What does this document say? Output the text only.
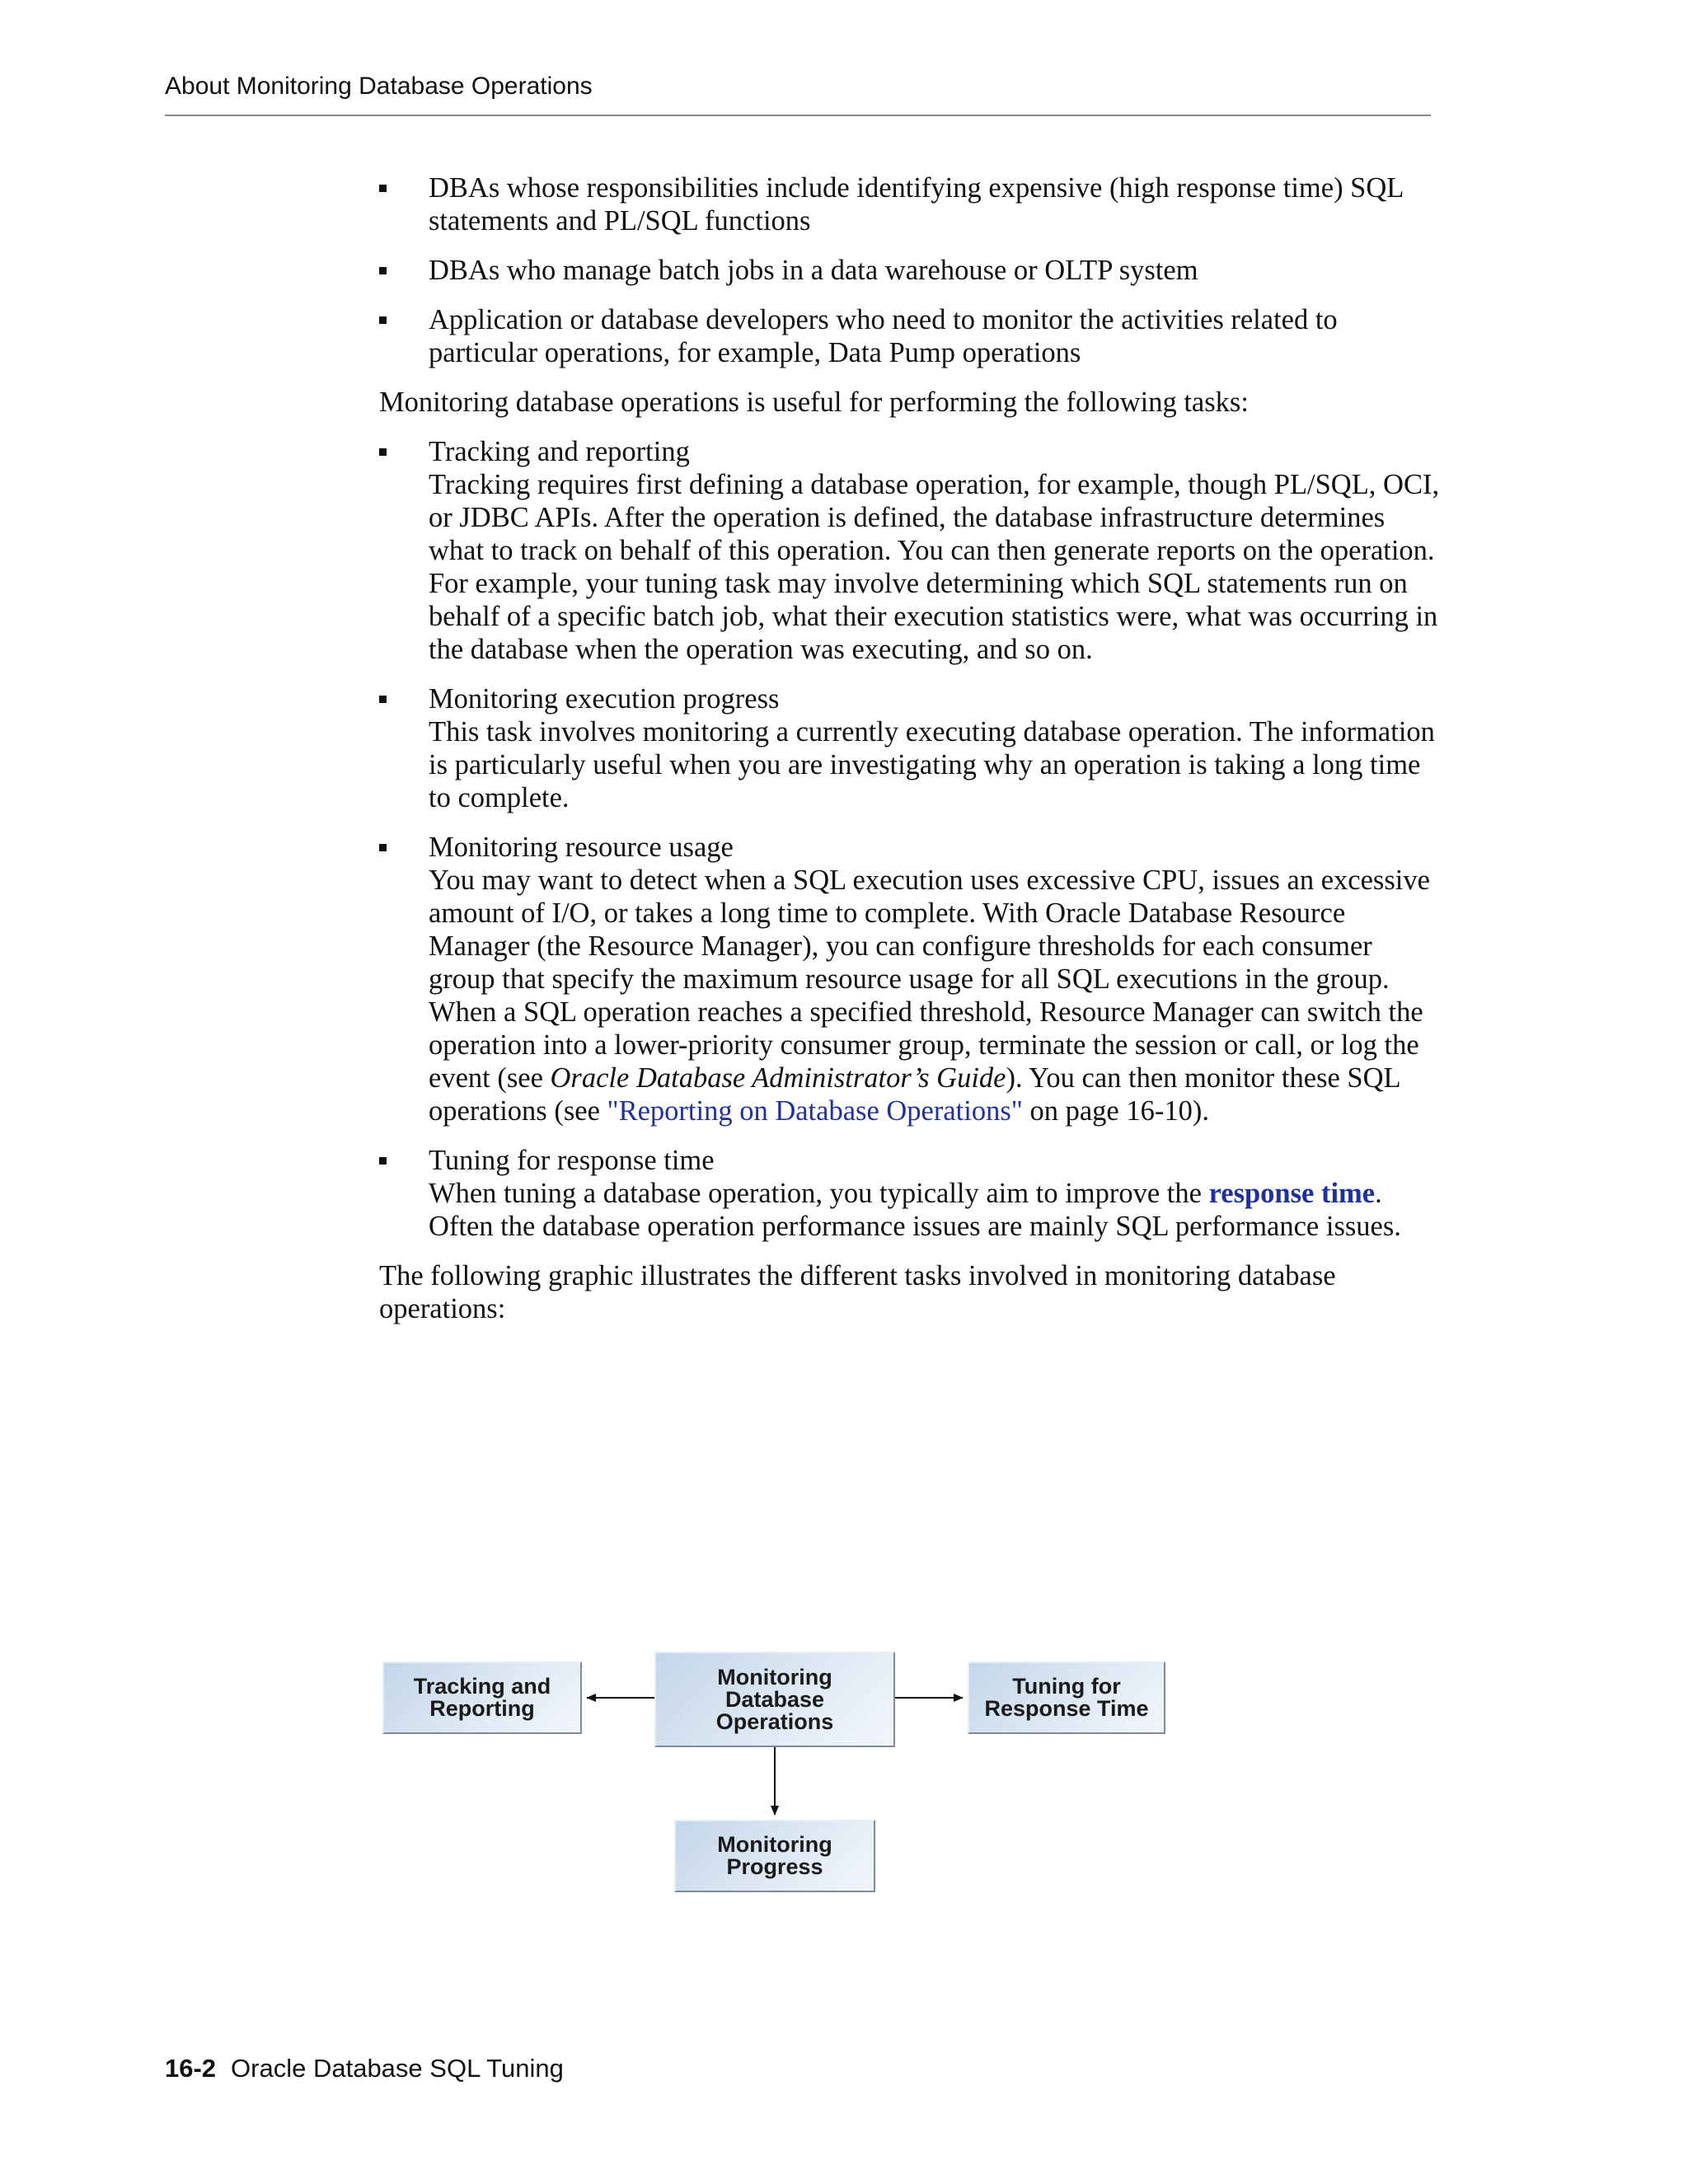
About Monitoring Database Operations
DBAs whose responsibilities include identifying expensive (high response time) SQL statements and PL/SQL functions
DBAs who manage batch jobs in a data warehouse or OLTP system
Application or database developers who need to monitor the activities related to particular operations, for example, Data Pump operations

Monitoring database operations is useful for performing the following tasks:

Tracking and reporting

Tracking requires first defining a database operation, for example, though PL/SQL, OCI, or JDBC APIs. After the operation is defined, the database infrastructure determines what to track on behalf of this operation. You can then generate reports on the operation. For example, your tuning task may involve determining which SQL statements run on behalf of a specific batch job, what their execution statistics were, what was occurring in the database when the operation was executing, and so on.

Monitoring execution progress

This task involves monitoring a currently executing database operation. The information is particularly useful when you are investigating why an operation is taking a long time to complete.

Monitoring resource usage

You may want to detect when a SQL execution uses excessive CPU, issues an excessive amount of I/O, or takes a long time to complete. With Oracle Database Resource Manager (the Resource Manager), you can configure thresholds for each consumer group that specify the maximum resource usage for all SQL executions in the group. When a SQL operation reaches a specified threshold, Resource Manager can switch the operation into a lower-priority consumer group, terminate the session or call, or log the event (see Oracle Database Administrator’s Guide). You can then monitor these SQL operations (see "Reporting on Database Operations" on page 16-10).

Tuning for response time

When tuning a database operation, you typically aim to improve the response time. Often the database operation performance issues are mainly SQL performance issues.

The following graphic illustrates the different tasks involved in monitoring database operations:

Tracking and
Reporting
Monitoring
Database
Operations
Tuning for
Response Time
Monitoring
Progress
16-2 Oracle Database SQL Tuning
